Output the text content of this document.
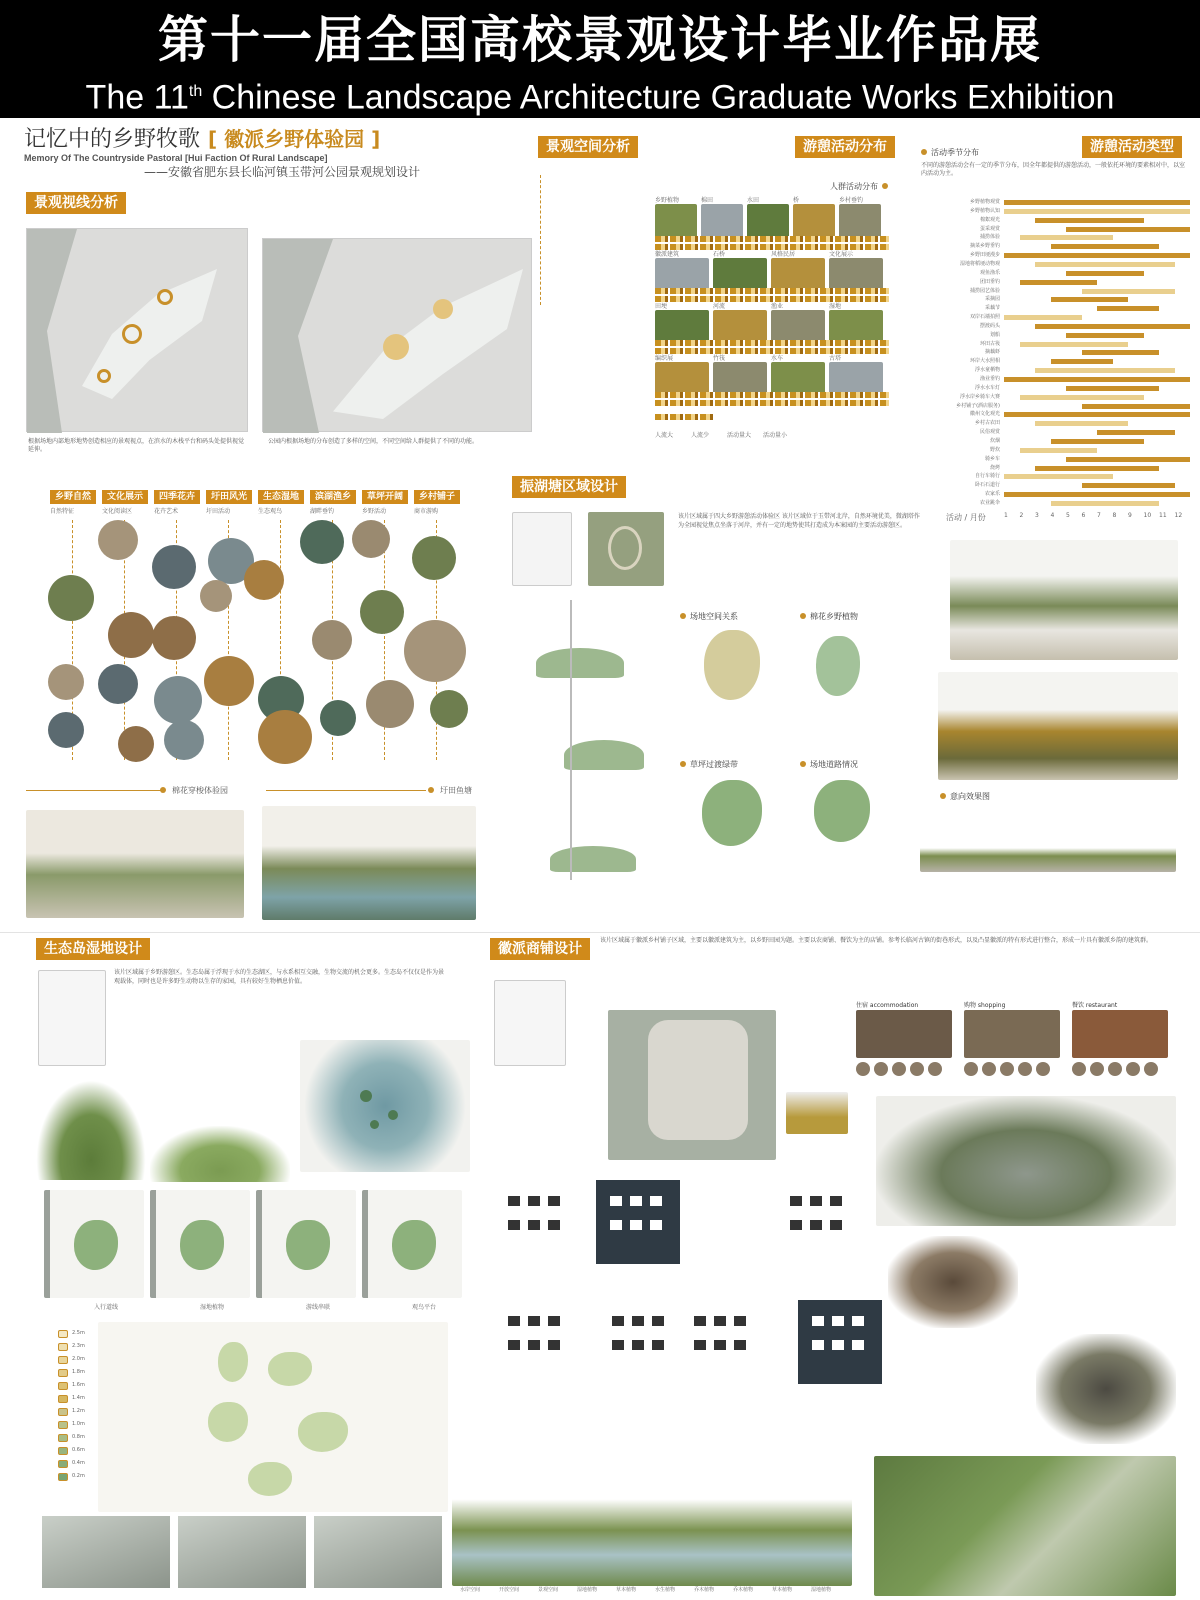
第十一届全国高校景观设计毕业作品展
The 11th Chinese Landscape Architecture Graduate Works Exhibition
记忆中的乡野牧歌 [ 徽派乡野体验园 ]
Memory Of The Countryside Pastoral [Hui Faction Of Rural Landscape]
——安徽省肥东县长临河镇玉带河公园景观规划设计
景观视线分析
景观空间分析
根据场地内部地形地势创造相应的景观视点，在滨水的木栈平台和码头处提供视觉延伸。
公园内根据场地的分布创造了多样的空间，不同空间给人群提供了不同的功能。
游憩活动分布
人群活动分布
乡野植物	棉田	水田	桥	乡村垂钓
徽派建筑	石桥	风格民居	文化展示
田埂	河流	渔业	湿地
编织展	竹筏	水车	古塔
人流大	人流少	活动量大 活动量小
游憩活动类型
活动季节分布
不同的游憩活动会有一定的季节分布，因全年都提供的游憩活动，一般依托环境的要素相对中，以室内活动为主。
乡野植物观赏
乡野植物认知
棉絮观光
蛋采观赏
捕捞体验
摘菜乡野垂钓
乡野田埂漫步
湿地将稻埂动物观
观鱼渔乐
团田垂钓
捕捞园艺体验
采摘园
采藕节
双岸石墙拍照
摆渡码头
划船
环田古筏
摘藕虾
环岸大水照相
浮水童栖物
渔业垂钓
浮水水车灯
浮水岸乡骑车大赛
乡村铺子(酒店服务)
徽州文化观光
乡村古农田
民俗观赏
炊烟
野炊
骑乡车
烧烤
自行车骑行
卧石石道行
农家乐
农业跳伞
活动 / 月份	1 2 3 4 5 6 7 8 9 10 11 12
乡野自然
自然特征
文化展示
文化阅读区
四季花卉
花卉艺术
圩田风光
圩田活动
生态湿地
生态观鸟
滨湖渔乡
湖畔垂钓
草坪开阔
乡野活动
乡村铺子
商市游购
棉花穿梭体验园	圩田鱼塘
振湖塘区域设计
该片区域属于四大乡野游憩活动体验区 该片区域位于玉带河北岸，自然环境优美，微湖塔作为全园视觉焦点坐落于河岸，并有一定的地势使其打造成为本案园的主要活动游憩区。
场地空间关系	棉花乡野植物
草坪过渡绿带	场地道路情况
意向效果图
生态岛湿地设计
该片区域属于乡野游憩区。生态岛属于浮现于水的生态湖区，与水系相互交融，生物交流的机会更多。生态岛不仅仅是作为景观载体，同时也是许多野生动物以生存的家园，具有较好生物栖息价值。
入行道线	湿地植物	游线串联	观鸟平台
2.5m
2.3m
2.0m
1.8m
1.6m
1.4m
1.2m
1.0m
0.8m
0.6m
0.4m
0.2m
徽派商铺设计
该片区域属于徽派乡村铺子区域，主要以徽派建筑为主，以乡野田园为题。主要以农商铺、餐饮为主的店铺。参考长临河古镇的街巷形式，以及凸显徽派的特有形式进行整合，形成一片具有徽派乡韵的建筑群。
住宿 accommodation	购物 shopping	餐饮 restaurant
水岸空间	开放空间	景观空间	湿地植物	草本植物	水生植物	乔木植物	乔木植物	草本植物	湿地植物
